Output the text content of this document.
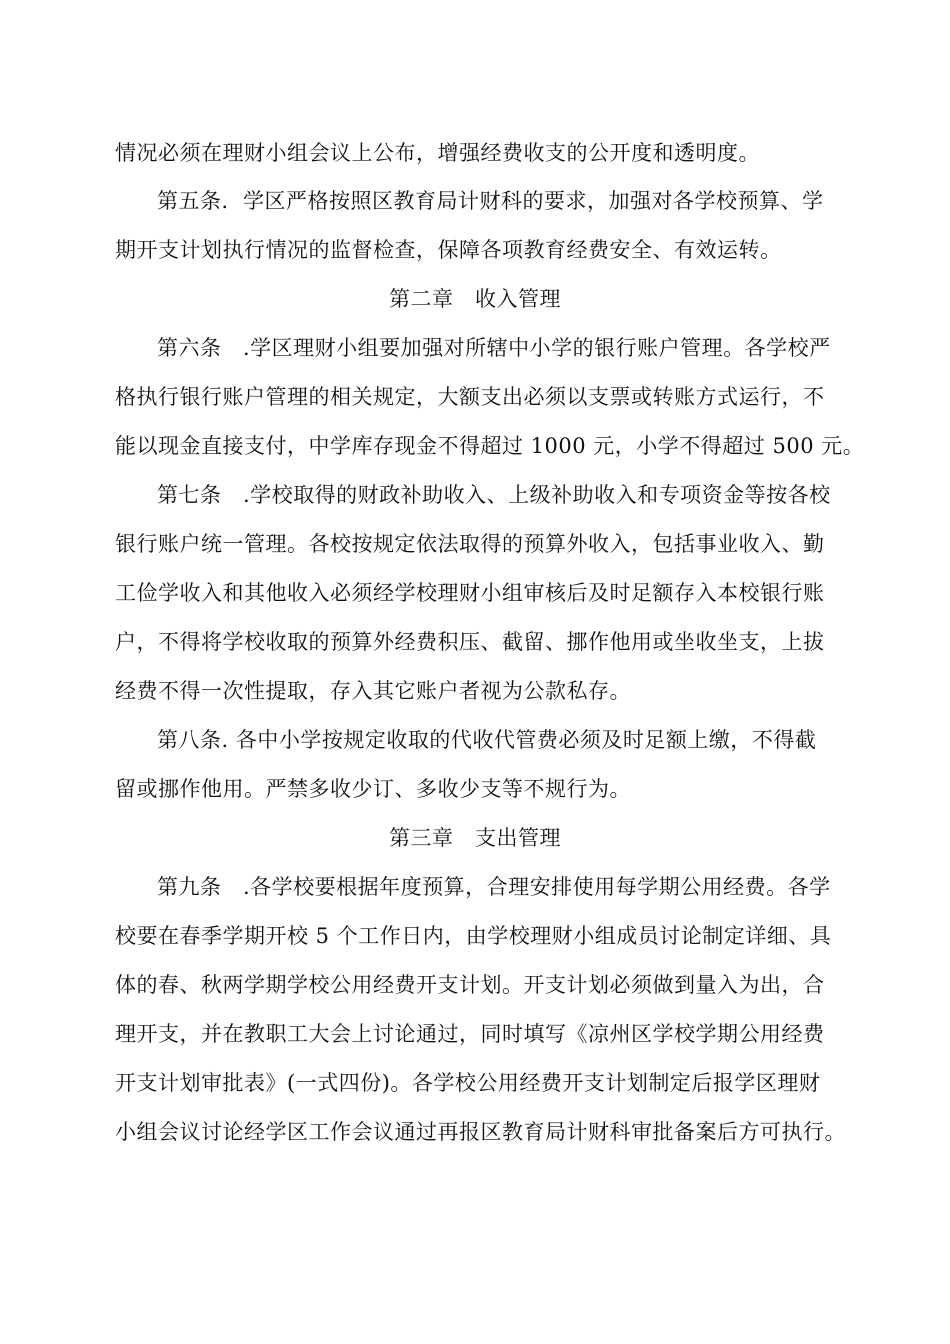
情况必须在理财小组会议上公布，增强经费收支的公开度和透明度。
第五条．学区严格按照区教育局计财科的要求，加强对各学校预算、学
期开支计划执行情况的监督检查，保障各项教育经费安全、有效运转。
第二章　收入管理
第六条　.学区理财小组要加强对所辖中小学的银行账户管理。各学校严
格执行银行账户管理的相关规定，大额支出必须以支票或转账方式运行，不
能以现金直接支付，中学库存现金不得超过 1000 元，小学不得超过 500 元。
第七条　.学校取得的财政补助收入、上级补助收入和专项资金等按各校
银行账户统一管理。各校按规定依法取得的预算外收入，包括事业收入、勤
工俭学收入和其他收入必须经学校理财小组审核后及时足额存入本校银行账
户，不得将学校收取的预算外经费积压、截留、挪作他用或坐收坐支，上拔
经费不得一次性提取，存入其它账户者视为公款私存。
第八条. 各中小学按规定收取的代收代管费必须及时足额上缴，不得截
留或挪作他用。严禁多收少订、多收少支等不规行为。
第三章　支出管理
第九条　.各学校要根据年度预算，合理安排使用每学期公用经费。各学
校要在春季学期开校 5 个工作日内，由学校理财小组成员讨论制定详细、具
体的春、秋两学期学校公用经费开支计划。开支计划必须做到量入为出，合
理开支，并在教职工大会上讨论通过，同时填写《凉州区学校学期公用经费
开支计划审批表》(一式四份)。各学校公用经费开支计划制定后报学区理财
小组会议讨论经学区工作会议通过再报区教育局计财科审批备案后方可执行。
